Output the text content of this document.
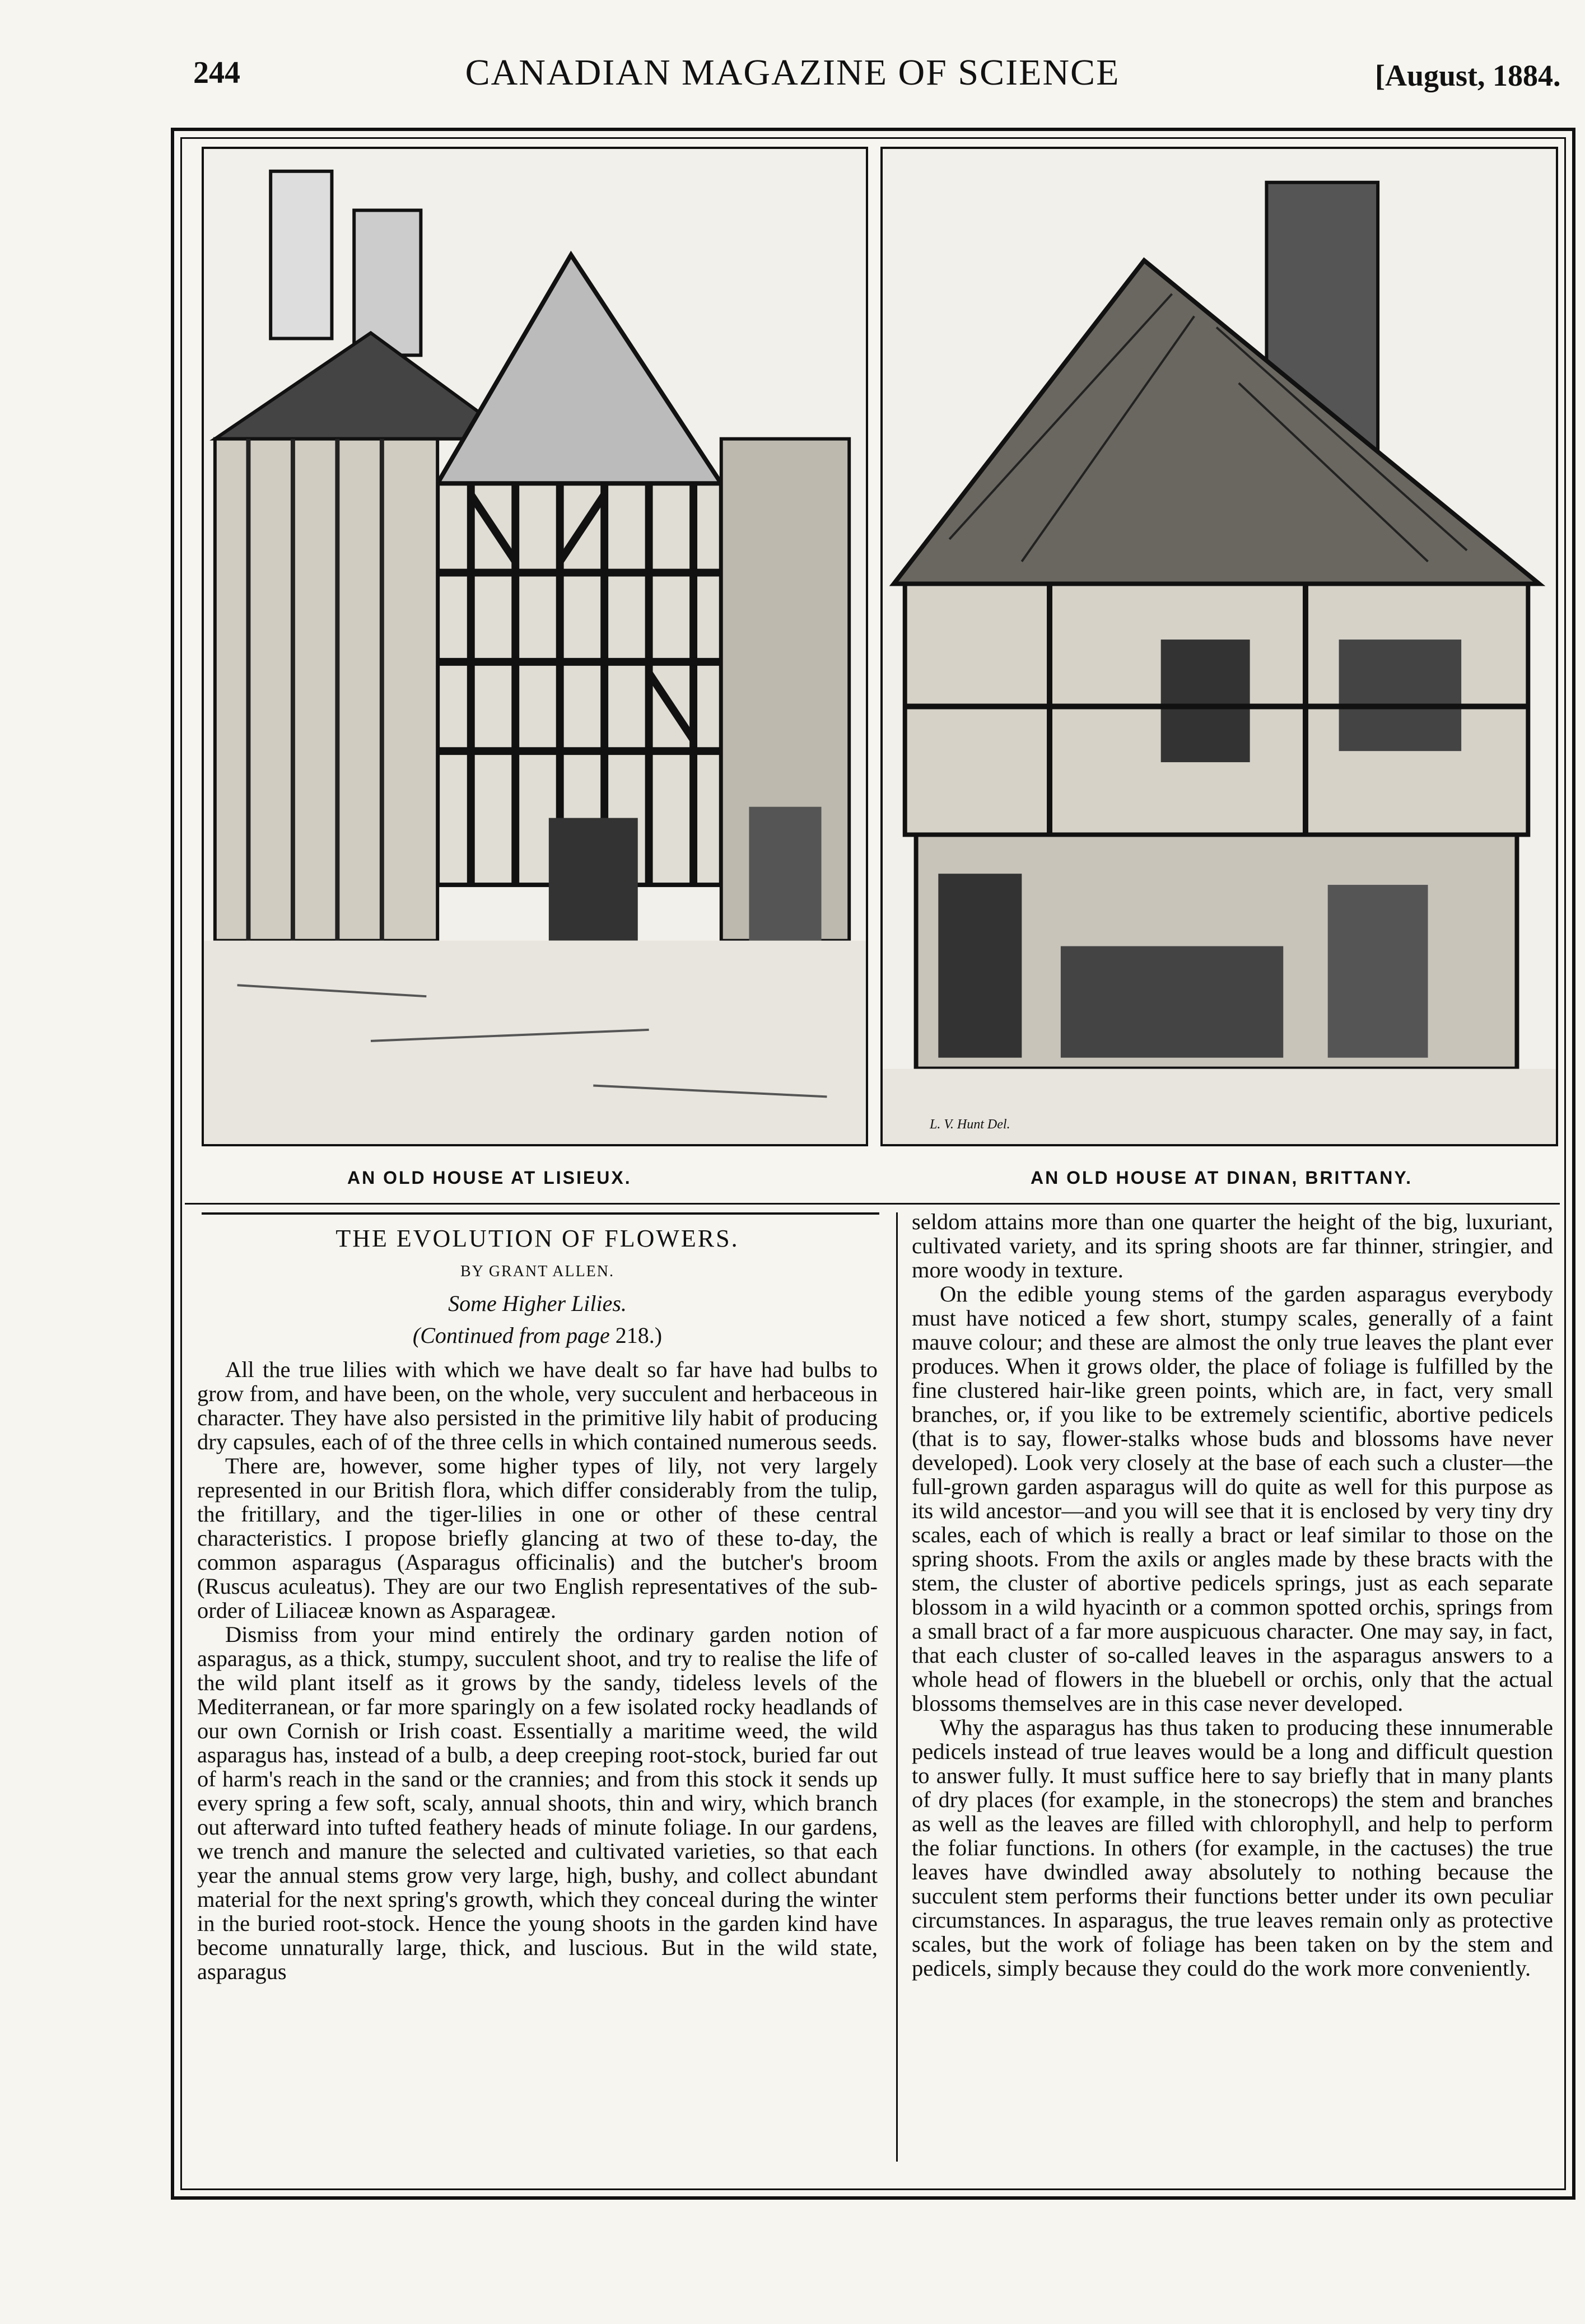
244	CANADIAN MAGAZINE OF SCIENCE	[August, 1884.
L. V. Hunt Del.
AN OLD HOUSE AT LISIEUX.	AN OLD HOUSE AT DINAN, BRITTANY.
THE EVOLUTION OF FLOWERS.
BY GRANT ALLEN.
Some Higher Lilies.
(Continued from page 218.)

All the true lilies with which we have dealt so far have had bulbs to grow from, and have been, on the whole, very succulent and herbaceous in character. They have also persisted in the primitive lily habit of producing dry capsules, each of of the three cells in which contained numerous seeds.

There are, however, some higher types of lily, not very largely represented in our British flora, which differ considerably from the tulip, the fritillary, and the tiger-lilies in one or other of these central characteristics. I propose briefly glancing at two of these to-day, the common asparagus (Asparagus officinalis) and the butcher's broom (Ruscus aculeatus). They are our two English representatives of the sub-order of Liliaceæ known as Asparageæ.

Dismiss from your mind entirely the ordinary garden notion of asparagus, as a thick, stumpy, succulent shoot, and try to realise the life of the wild plant itself as it grows by the sandy, tideless levels of the Mediterranean, or far more sparingly on a few isolated rocky headlands of our own Cornish or Irish coast. Essentially a maritime weed, the wild asparagus has, instead of a bulb, a deep creeping root-stock, buried far out of harm's reach in the sand or the crannies; and from this stock it sends up every spring a few soft, scaly, annual shoots, thin and wiry, which branch out afterward into tufted feathery heads of minute foliage. In our gardens, we trench and manure the selected and cultivated varieties, so that each year the annual stems grow very large, high, bushy, and collect abundant material for the next spring's growth, which they conceal during the winter in the buried root-stock. Hence the young shoots in the garden kind have become unnaturally large, thick, and luscious. But in the wild state, asparagus

seldom attains more than one quarter the height of the big, luxuriant, cultivated variety, and its spring shoots are far thinner, stringier, and more woody in texture.

On the edible young stems of the garden asparagus everybody must have noticed a few short, stumpy scales, generally of a faint mauve colour; and these are almost the only true leaves the plant ever produces. When it grows older, the place of foliage is fulfilled by the fine clustered hair-like green points, which are, in fact, very small branches, or, if you like to be extremely scientific, abortive pedicels (that is to say, flower-stalks whose buds and blossoms have never developed). Look very closely at the base of each such a cluster—the full-grown garden asparagus will do quite as well for this purpose as its wild ancestor—and you will see that it is enclosed by very tiny dry scales, each of which is really a bract or leaf similar to those on the spring shoots. From the axils or angles made by these bracts with the stem, the cluster of abortive pedicels springs, just as each separate blossom in a wild hyacinth or a common spotted orchis, springs from a small bract of a far more auspicuous character. One may say, in fact, that each cluster of so-called leaves in the asparagus answers to a whole head of flowers in the bluebell or orchis, only that the actual blossoms themselves are in this case never developed.

Why the asparagus has thus taken to producing these innumerable pedicels instead of true leaves would be a long and difficult question to answer fully. It must suffice here to say briefly that in many plants of dry places (for example, in the stonecrops) the stem and branches as well as the leaves are filled with chlorophyll, and help to perform the foliar functions. In others (for example, in the cactuses) the true leaves have dwindled away absolutely to nothing because the succulent stem performs their functions better under its own peculiar circumstances. In asparagus, the true leaves remain only as protective scales, but the work of foliage has been taken on by the stem and pedicels, simply because they could do the work more conveniently.
